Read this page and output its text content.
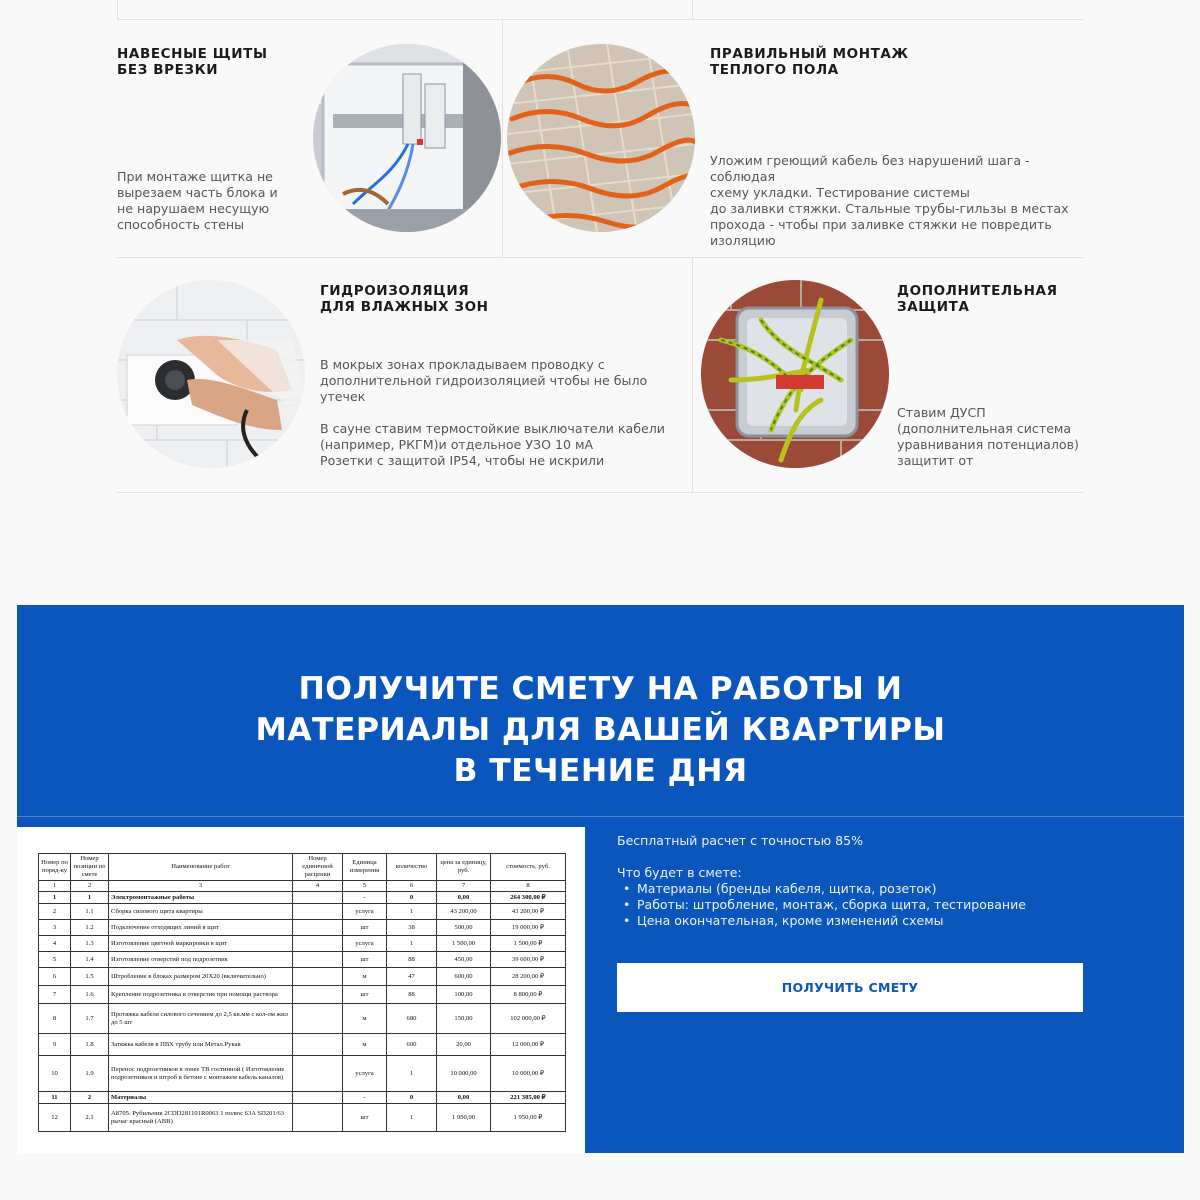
НАВЕСНЫЕ ЩИТЫ
БЕЗ ВРЕЗКИ
При монтаже щитка не
вырезаем часть блока и
не нарушаем несущую
способность стены
ПРАВИЛЬНЫЙ МОНТАЖ
ТЕПЛОГО ПОЛА
Уложим греющий кабель без нарушений шага - соблюдая
схему укладки. Тестирование системы
до заливки стяжки. Стальные трубы-гильзы в местах
прохода - чтобы при заливке стяжки не повредить
изоляцию
ГИДРОИЗОЛЯЦИЯ
ДЛЯ ВЛАЖНЫХ ЗОН
В мокрых зонах прокладываем проводку с
дополнительной гидроизоляцией чтобы не было
утечек

В сауне ставим термостойкие выключатели кабели
(например, РКГМ)и отдельное УЗО 10 мА
Розетки с защитой IP54, чтобы не искрили
ДОПОЛНИТЕЛЬНАЯ
ЗАЩИТА
Ставим ДУСП
(дополнительная система
уравнивания потенциалов)
защитит от
ПОЛУЧИТЕ СМЕТУ НА РАБОТЫ И
МАТЕРИАЛЫ ДЛЯ ВАШЕЙ КВАРТИРЫ
В ТЕЧЕНИЕ ДНЯ
Номер по поряд-ку	Номер позиции по смете	Наименование работ	Номер единичной расценки	Единица измерения	количество	цена за единицу, руб.	стоимость, руб.
1	2	3	4	5	6	7	8
1	1	Электромонтажные работы		-	0	0,00	264 300,00 ₽
2	1.1	Сборка силового щита квартиры		услуга	1	43 200,00	43 200,00 ₽
3	1.2	Подключение отходящих линий в щит		шт	38	500,00	19 000,00 ₽
4	1.3	Изготовление цветной маркировки в щит		услуга	1	1 500,00	1 500,00 ₽
5	1.4	Изготовление отверстий под подрозетник		шт	88	450,00	39 600,00 ₽
6	1.5	Штробление в блоках размером 20Х20 (включительно)		м	47	600,00	28 200,00 ₽
7	1.6	Крепление подрозетника в отверстие при помощи раствора		шт	88	100,00	8 800,00 ₽
8	1.7	Протяжка кабеля силового сечением до 2,5 кв.мм с кол-ом жил до 5 шт		м	680	150,00	102 000,00 ₽
9	1.8	Затяжка кабеля в ПВХ трубу или Метал.Рукав		м	600	20,00	12 000,00 ₽
10	1.9	Перенос подрозетников в зонее ТВ гостинной ( Изготовление подрозетников и штроб в бетоне с монтажем кабель каналов)		услуга	1	10 000,00	10 000,00 ₽
11	2	Материалы		-	0	0,00	221 385,00 ₽
12	2.1	A8705. Рубильник 2CDD281101R0063 1 полюс 63A SD201/63 рычаг красный (ABB)		шт	1	1 950,00	1 950,00 ₽
Бесплатный расчет с точностью 85%
Что будет в смете:
• Материалы (бренды кабеля, щитка, розеток)
• Работы: штробление, монтаж, сборка щита, тестирование
• Цена окончательная, кроме изменений схемы
ПОЛУЧИТЬ СМЕТУ
